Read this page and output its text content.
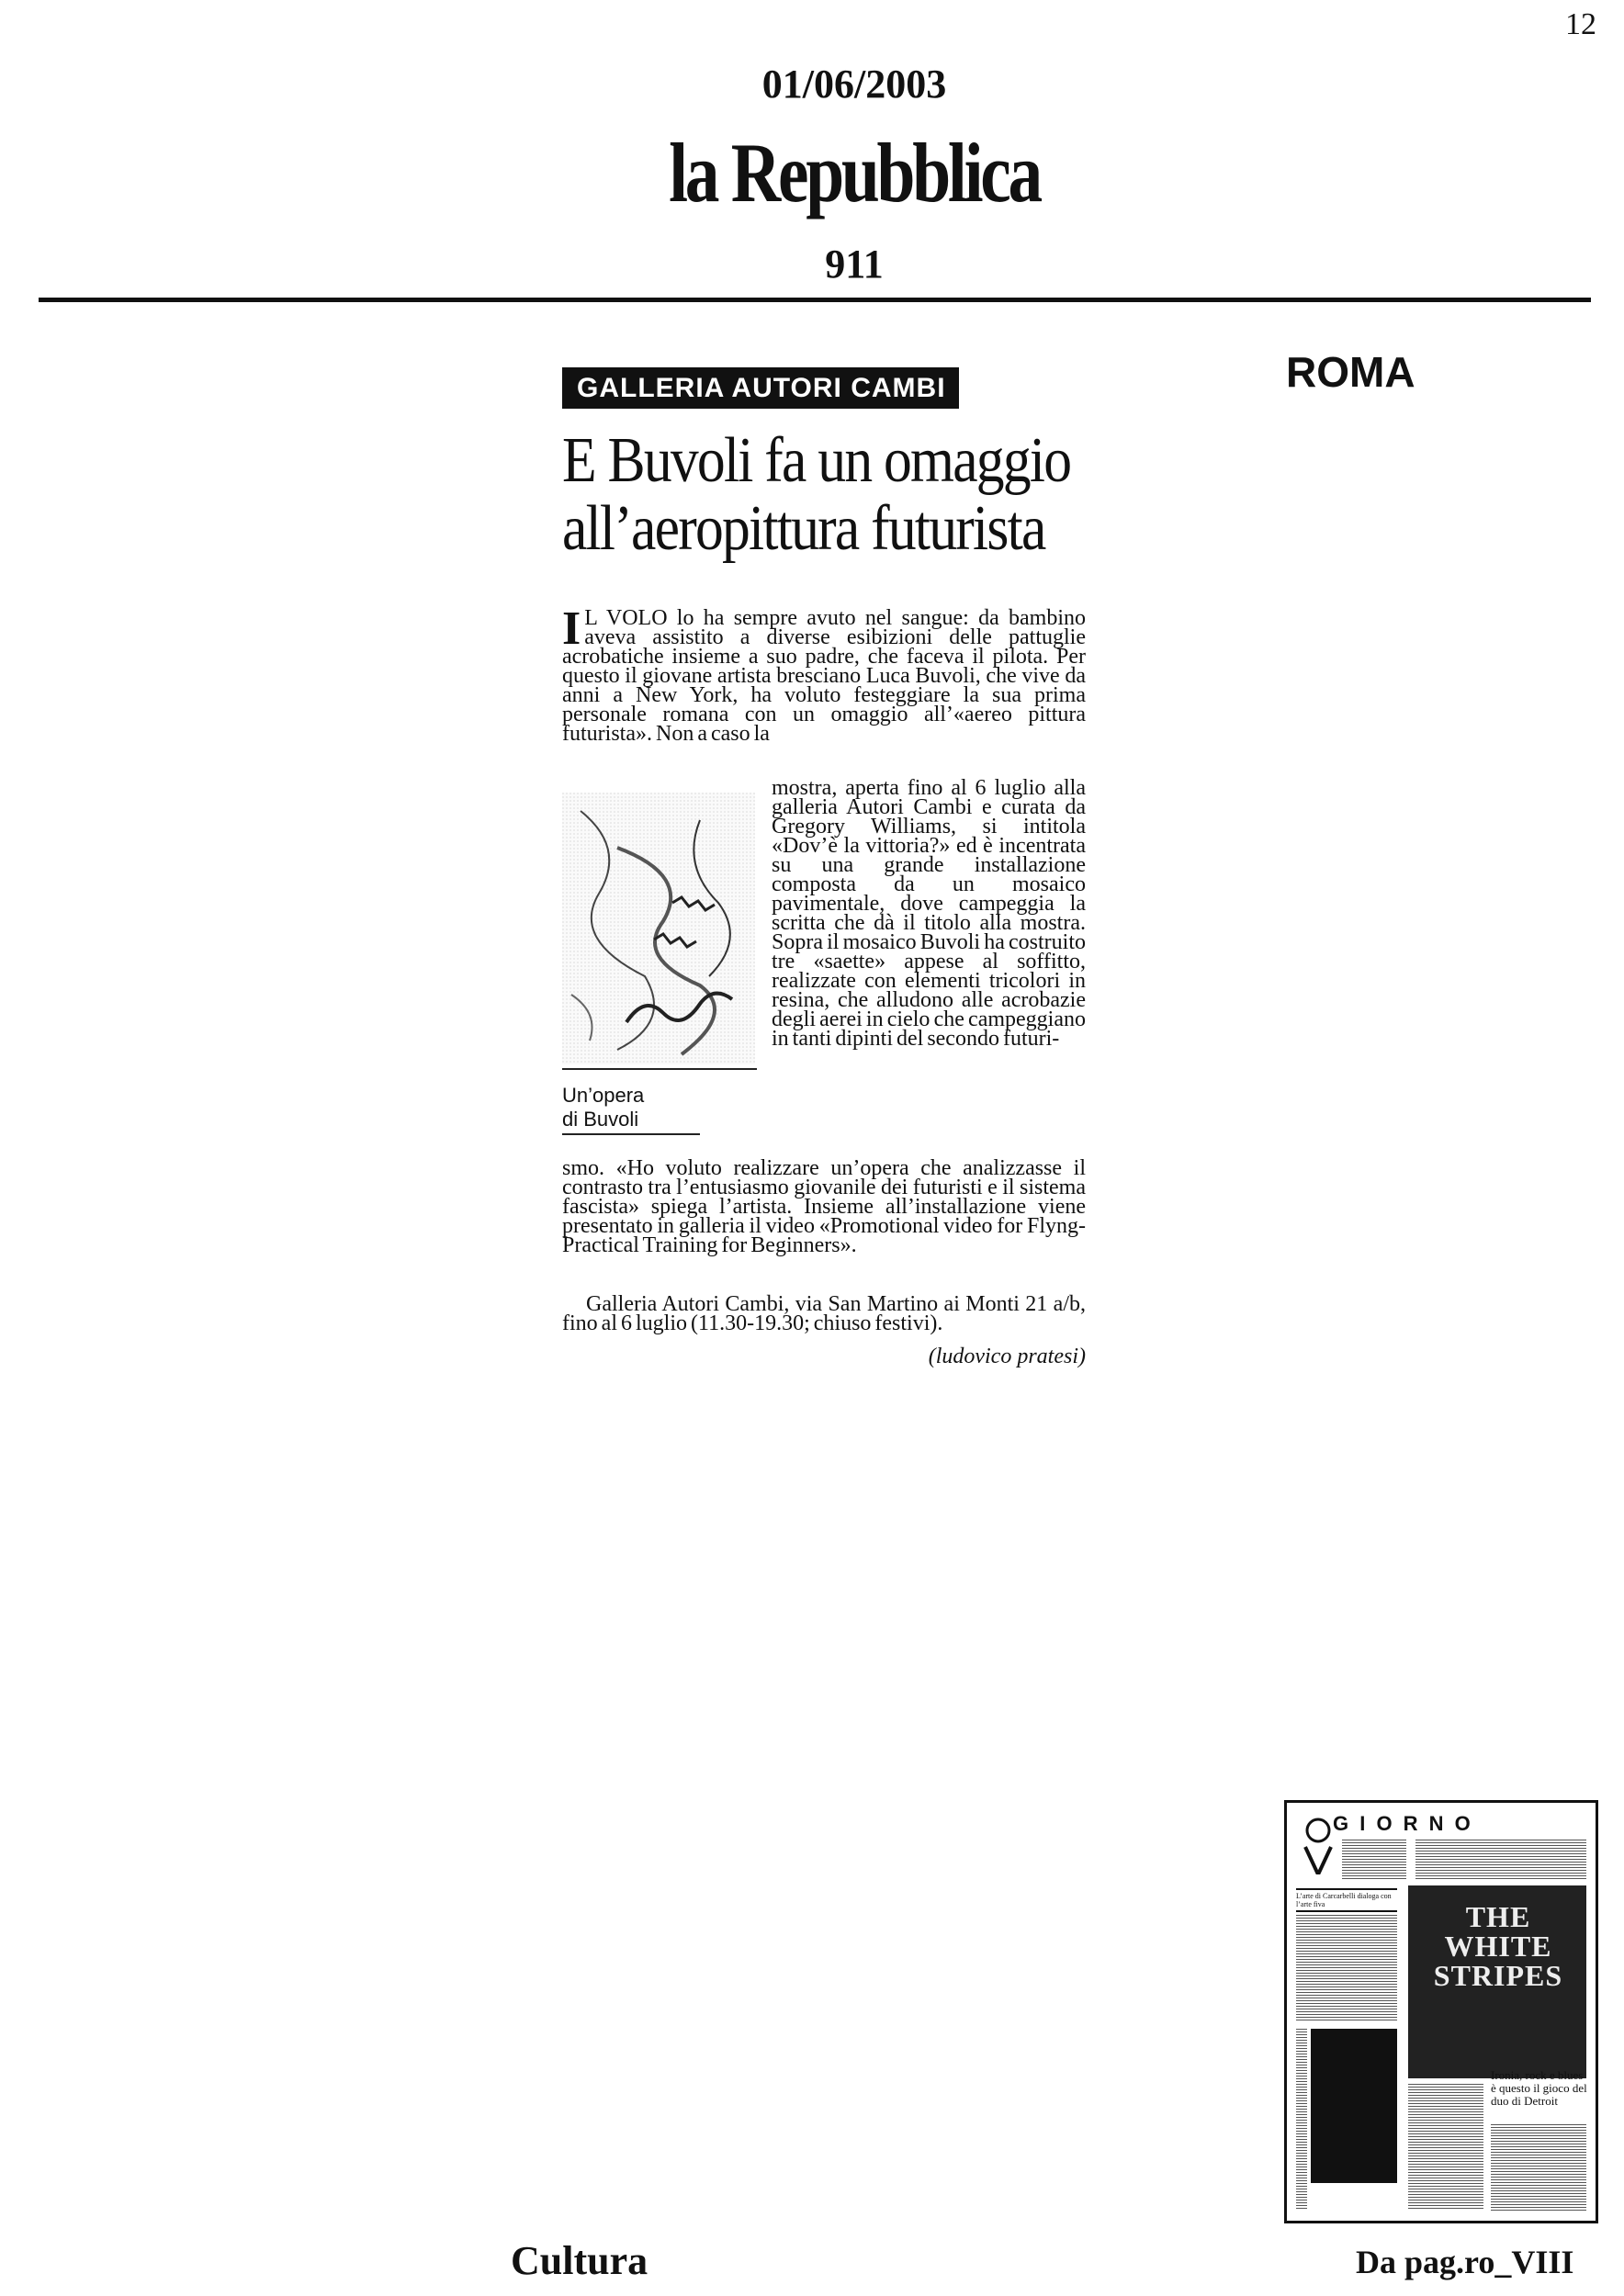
12
01/06/2003
la Repubblica
911
ROMA
GALLERIA AUTORI CAMBI
E Buvoli fa un omaggio all’aeropittura futurista
I L VOLO lo ha sempre avuto nel sangue: da bambino aveva assistito a diverse esibizioni delle pattuglie acrobatiche insieme a suo padre, che faceva il pilota. Per questo il giovane artista bresciano Luca Buvoli, che vive da anni a New York, ha voluto festeggiare la sua prima personale romana con un omaggio all’«aereo pittura futurista». Non a caso la

Un’opera
di Buvoli

mostra, aperta fino al 6 luglio alla galleria Autori Cambi e curata da Gregory Williams, si intitola «Dov’è la vittoria?» ed è incentrata su una grande installazione composta da un mosaico pavimentale, dove campeggia la scritta che dà il titolo alla mostra. Sopra il mosaico Buvoli ha costruito tre «saette» appese al soffitto, realizzate con elementi tricolori in resina, che alludono alle acrobazie degli aerei in cielo che campeggiano in tanti dipinti del secondo futuri-

smo. «Ho voluto realizzare un’opera che analizzasse il contrasto tra l’entusiasmo giovanile dei futuristi e il sistema fascista» spiega l’artista. Insieme all’installazione viene presentato in galleria il video «Promotional video for Flyng-Practical Training for Beginners».

Galleria Autori Cambi, via San Martino ai Monti 21 a/b, fino al 6 luglio (11.30-19.30; chiuso festivi).
(ludovico pratesi)
G I O R N O
L’arte di Carcarbelli dialoga con l’arte fiva	THE WHITE STRIPES
Ironia, rock e blues è questo il gioco del duo di Detroit
Cultura	Da pag.ro_VIII
